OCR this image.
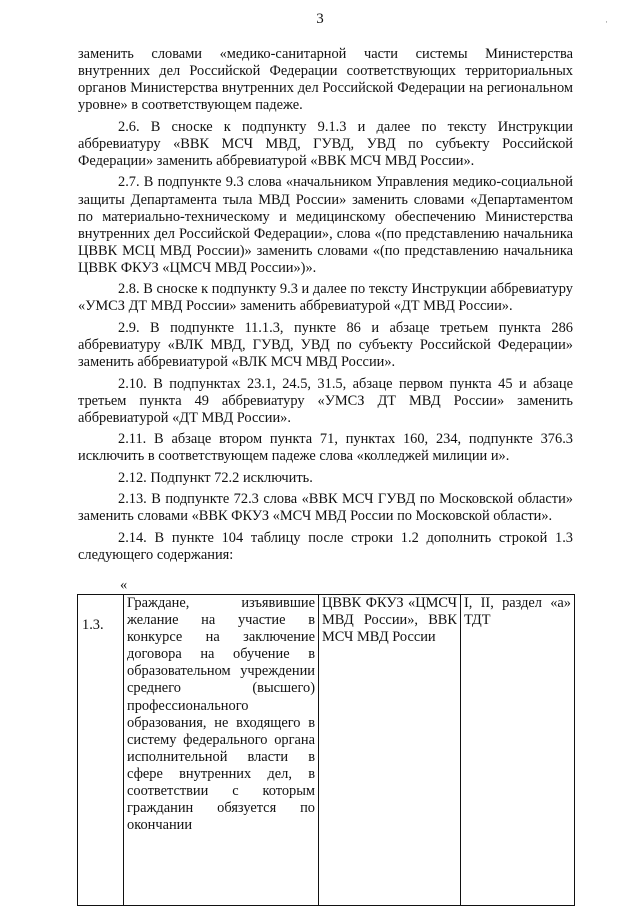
3	·

заменить словами «медико-санитарной части системы Министерства внутренних дел Российской Федерации соответствующих территориальных органов Министерства внутренних дел Российской Федерации на региональном уровне» в соответствующем падеже.

2.6. В сноске к подпункту 9.1.3 и далее по тексту Инструкции аббревиатуру «ВВК МСЧ МВД, ГУВД, УВД по субъекту Российской Федерации» заменить аббревиатурой «ВВК МСЧ МВД России».

2.7. В подпункте 9.3 слова «начальником Управления медико-социальной защиты Департамента тыла МВД России» заменить словами «Департаментом по материально-техническому и медицинскому обеспечению Министерства внутренних дел Российской Федерации», слова «(по представлению начальника ЦВВК МСЦ МВД России)» заменить словами «(по представлению начальника ЦВВК ФКУЗ «ЦМСЧ МВД России»)».

2.8. В сноске к подпункту 9.3 и далее по тексту Инструкции аббревиатуру «УМСЗ ДТ МВД России» заменить аббревиатурой «ДТ МВД России».

2.9. В подпункте 11.1.3, пункте 86 и абзаце третьем пункта 286 аббревиатуру «ВЛК МВД, ГУВД, УВД по субъекту Российской Федерации» заменить аббревиатурой «ВЛК МСЧ МВД России».

2.10. В подпунктах 23.1, 24.5, 31.5, абзаце первом пункта 45 и абзаце третьем пункта 49 аббревиатуру «УМСЗ ДТ МВД России» заменить аббревиатурой «ДТ МВД России».

2.11. В абзаце втором пункта 71, пунктах 160, 234, подпункте 376.3 исключить в соответствующем падеже слова «колледжей милиции и».

2.12. Подпункт 72.2 исключить.

2.13. В подпункте 72.3 слова «ВВК МСЧ ГУВД по Московской области» заменить словами «ВВК ФКУЗ «МСЧ МВД России по Московской области».

2.14. В пункте 104 таблицу после строки 1.2 дополнить строкой 1.3 следующего содержания:

«
1.3.	Граждане, изъявившие желание на участие в конкурсе на заключение договора на обучение в образовательном учреждении среднего (высшего) профессионального образования, не входящего в систему федерального органа исполнительной власти в сфере внутренних дел, в соответствии с которым гражданин обязуется по окончании	ЦВВК ФКУЗ «ЦМСЧ МВД России», ВВК МСЧ МВД России	I, II, раздел «а» ТДТ
